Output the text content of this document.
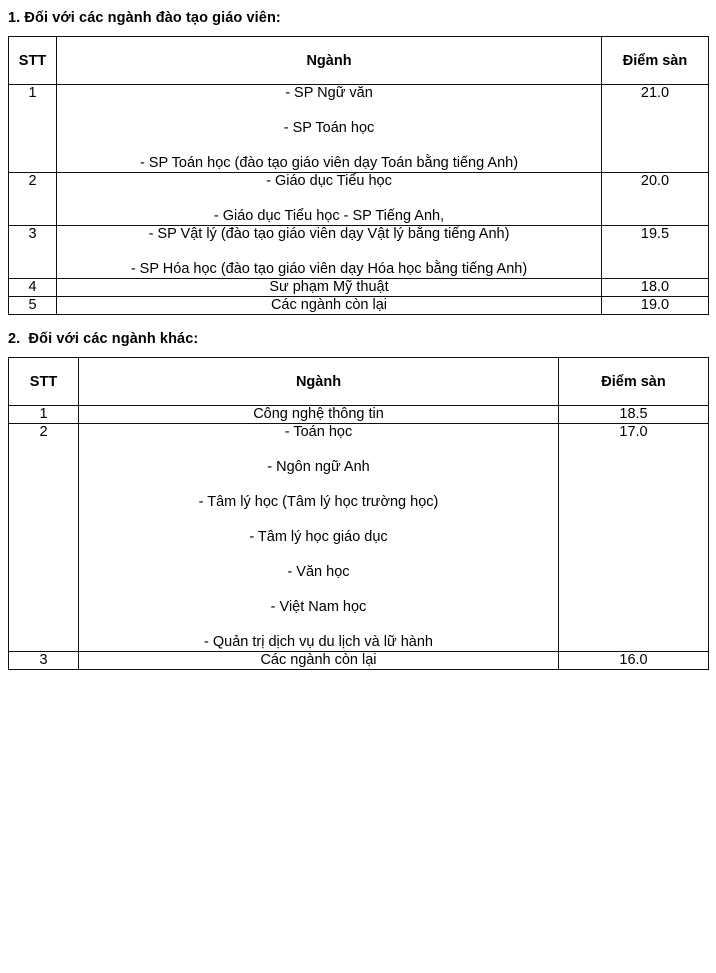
1. Đối với các ngành đào tạo giáo viên:
STT	Ngành	Điểm sàn
1	- SP Ngữ văn
- SP Toán học
- SP Toán học (đào tạo giáo viên dạy Toán bằng tiếng Anh)	21.0
2	- Giáo dục Tiểu học
- Giáo dục Tiểu học - SP Tiếng Anh,	20.0
3	- SP Vật lý (đào tạo giáo viên dạy Vật lý bằng tiếng Anh)
- SP Hóa học (đào tạo giáo viên dạy Hóa học bằng tiếng Anh)	19.5
4	Sư phạm Mỹ thuật	18.0
5	Các ngành còn lại	19.0
2.  Đối với các ngành khác:
STT	Ngành	Điểm sàn
1	Công nghệ thông tin	18.5
2	- Toán học
- Ngôn ngữ Anh
- Tâm lý học (Tâm lý học trường học)
- Tâm lý học giáo dục
- Văn học
- Việt Nam học
- Quản trị dịch vụ du lịch và lữ hành
	17.0
3	Các ngành còn lại	16.0
